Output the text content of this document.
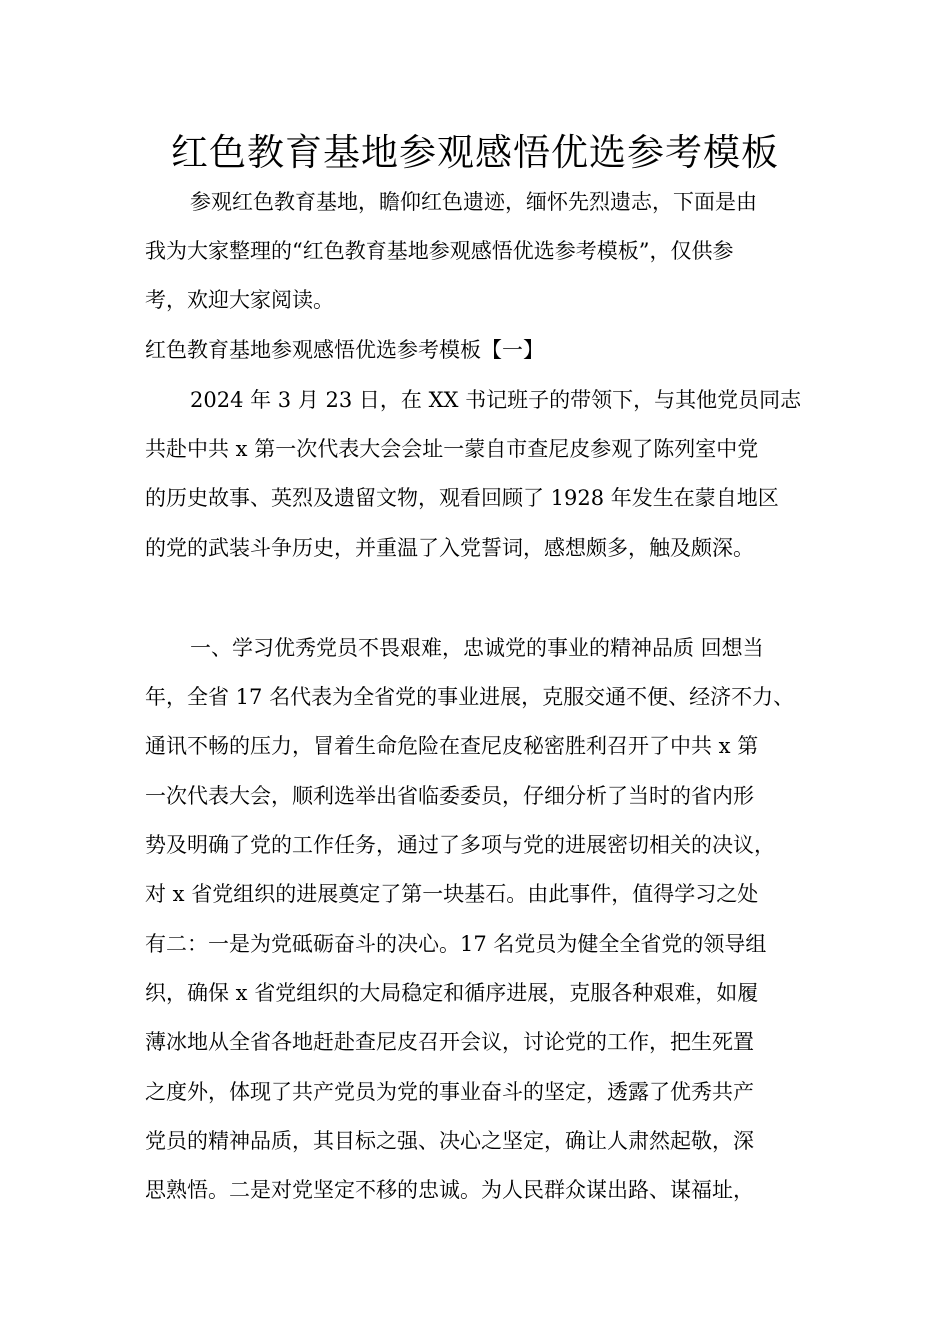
红色教育基地参观感悟优选参考模板

参观红色教育基地，瞻仰红色遗迹，缅怀先烈遗志，下面是由

我为大家整理的“红色教育基地参观感悟优选参考模板”，仅供参

考，欢迎大家阅读。

红色教育基地参观感悟优选参考模板【一】

2024 年 3 月 23 日，在 XX 书记班子的带领下，与其他党员同志

共赴中共 x 第一次代表大会会址一蒙自市查尼皮参观了陈列室中党

的历史故事、英烈及遗留文物，观看回顾了 1928 年发生在蒙自地区

的党的武装斗争历史，并重温了入党誓词，感想颇多，触及颇深。

一、学习优秀党员不畏艰难，忠诚党的事业的精神品质 回想当

年，全省 17 名代表为全省党的事业进展，克服交通不便、经济不力、

通讯不畅的压力，冒着生命危险在查尼皮秘密胜利召开了中共 x 第

一次代表大会，顺利选举出省临委委员，仔细分析了当时的省内形

势及明确了党的工作任务，通过了多项与党的进展密切相关的决议，

对 x 省党组织的进展奠定了第一块基石。由此事件，值得学习之处

有二：一是为党砥砺奋斗的决心。17 名党员为健全全省党的领导组

织，确保 x 省党组织的大局稳定和循序进展，克服各种艰难，如履

薄冰地从全省各地赶赴查尼皮召开会议，讨论党的工作，把生死置

之度外，体现了共产党员为党的事业奋斗的坚定，透露了优秀共产

党员的精神品质，其目标之强、决心之坚定，确让人肃然起敬，深

思熟悟。二是对党坚定不移的忠诚。为人民群众谋出路、谋福址，
